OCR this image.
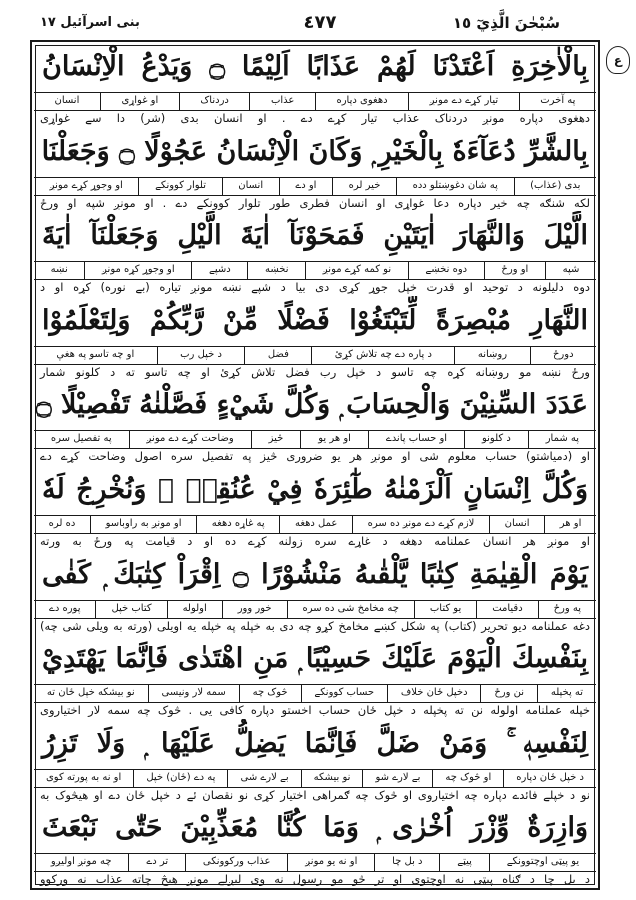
سُبْحٰنَ الَّذِيٓ ١٥
٤٧٧
بنی اسرآئیل ١٧
ع
بِالْاٰخِرَةِ اَعْتَدْنَا لَهُمْ عَذَابًا اَلِيْمًا ۝ وَيَدْعُ الْاِنْسَانُ
په آخرت
تیار کړے دے مونږ
دهغوی دپاره
عذاب
دردناک
او غواړی
انسان
دهغوی دپاره مونږ دردناک عذاب تیار کړے دے . او انسان بدی (شر) دا سے غواړی
بِالشَّرِّ دُعَآءَهٗ بِالْخَيْرِ ۭ وَكَانَ الْاِنْسَانُ عَجُوْلًا ۝ وَجَعَلْنَا
بدی (عذاب)
په شان دغوښتلو دده
خیر لره
او دے
انسان
تلوار کوونکے
او وجوړ کړے مونږ
لکه شنګه چه خیر دپاره دعا غواړی او انسان فطری طور تلوار کوونکے دے . او مونږ شپه او ورځ
الَّيْلَ وَالنَّهَارَ اٰيَتَيْنِ فَمَحَوْنَآ اٰيَةَ الَّيْلِ وَجَعَلْنَآ اٰيَةَ
شپه
او ورځ
دوه نخښے
نو کمه کړے مونږ
نخښه
دشپے
او وجوړ کړه مونږ
نښه
دوه دلیلونه د توحید او قدرت خپل جوړ کړی دی بیا د شپے نښه مونږ تیاره (بے نوره) کړه او د
النَّهَارِ مُبْصِرَةً لِّتَبْتَغُوْا فَضْلًا مِّنْ رَّبِّكُمْ وَلِتَعْلَمُوْا
دورځ
روښانه
د پاره دے چه تلاش کړئ
فضل
د خپل رب
او چه تاسو په هغې
ورځ نښه مو روښانه کړه چه تاسو د خپل رب فضل تلاش کړئ او چه تاسو ته د کلونو شمار
عَدَدَ السِّنِيْنَ وَالْحِسَابَ ۭ وَكُلَّ شَيْءٍ فَصَّلْنٰهُ تَفْصِيْلًا ۝
په شمار
د کلونو
او حساب پاندے
او هر یو
څیز
وضاحت کړے دے مونږ
په تفصیل سره
او (دمیاشتو) حساب معلوم شی او مونږ هر یو ضروری څیز په تفصیل سره اصول وضاحت کړے دے
وَكُلَّ اِنْسَانٍ اَلْزَمْنٰهُ طٰٓئِرَهٗ فِيْ عُنُقِهٖ ۭ وَنُخْرِجُ لَهٗ
او هر
انسان
لازم کړے دے مونږ ده سره
عمل دهغه
په غاړه دهغه
او مونږ به راوباسو
ده لره
او مونږ هر انسان عملنامه دهغه د غاړے سره زولنه کړے ده او د قیامت په ورځ به ورته
يَوْمَ الْقِيٰمَةِ كِتٰبًا يَّلْقٰىهُ مَنْشُوْرًا ۝ اِقْرَاْ كِتٰبَكَ ۭ كَفٰى
په ورځ
دقیامت
یو کتاب
چه مخامخ شی ده سره
خور وور
اولوله
کتاب خپل
پوره دے
دغه عملنامه دیو تحریر (کتاب) په شکل کښے مخامخ کړو چه دی به خپله په خپله یه اویلی (ورته به ویلی شی چه)
بِنَفْسِكَ الْيَوْمَ عَلَيْكَ حَسِيْبًا ۭ مَنِ اهْتَدٰى فَاِنَّمَا يَهْتَدِيْ
ته پخپله
نن ورځ
دخپل ځان خلاف
حساب کوونکے
څوک چه
سمه لار ونیسی
نو بیشکه خپل ځان ته
خپله عملنامه اولوله نن ته پخپله د خپل ځان حساب اخستو دپاره کافی یی . څوک چه سمه لار اختیاروی
لِنَفْسِهٖ ۚ وَمَنْ ضَلَّ فَاِنَّمَا يَضِلُّ عَلَيْهَا ۭ وَلَا تَزِرُ
د خپل ځان دپاره
او څوک چه
بے لارے شو
نو بیشکه
بے لارے شی
په دے (ځان) خپل
او نه به پورته کوی
نو د خپلے فائدے دپاره چه اختیاروی او څوک چه ګمراهی اختیار کړی نو نقصان ئے د خپل ځان دے او هیڅوک به
وَازِرَةٌ وِّزْرَ اُخْرٰى ۭ وَمَا كُنَّا مُعَذِّبِيْنَ حَتّٰى نَبْعَثَ
یو پیټی اوچتوونکے
پیټے
د بل چا
او نه یو مونږ
عذاب ورکوونکی
تر دے
چه مونږ اولیږو
د بل چا د ګناه پیټی نه اوچتوی او تر څو مو رسول نه وی لیږلے مونږ هیڅ چاته عذاب نه ورکوو
